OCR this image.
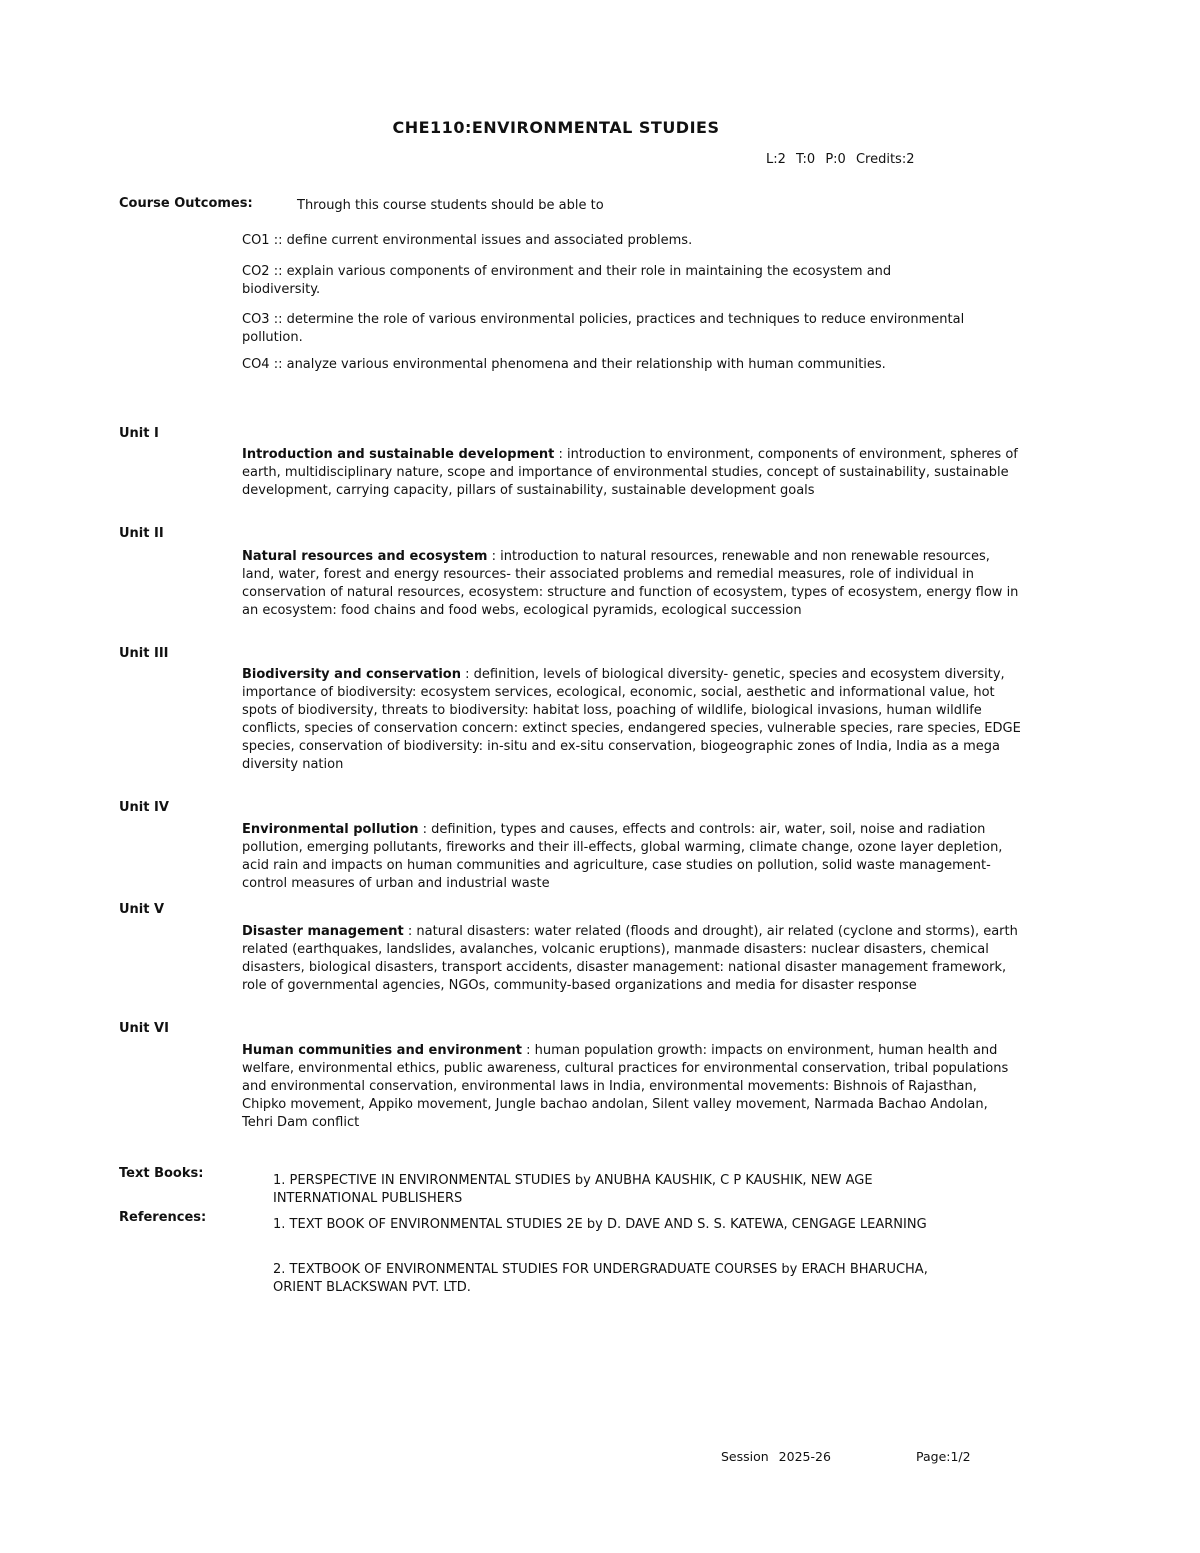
CHE110:ENVIRONMENTAL STUDIES
L:2 T:0 P:0 Credits:2
Course Outcomes:	Through this course students should be able to
CO1 :: define current environmental issues and associated problems.
CO2 :: explain various components of environment and their role in maintaining the ecosystem and biodiversity.
CO3 :: determine the role of various environmental policies, practices and techniques to reduce environmental pollution.
CO4 :: analyze various environmental phenomena and their relationship with human communities.
Unit I
Introduction and sustainable development : introduction to environment, components of environment, spheres of earth, multidisciplinary nature, scope and importance of environmental studies, concept of sustainability, sustainable development, carrying capacity, pillars of sustainability, sustainable development goals
Unit II
Natural resources and ecosystem : introduction to natural resources, renewable and non renewable resources, land, water, forest and energy resources- their associated problems and remedial measures, role of individual in conservation of natural resources, ecosystem: structure and function of ecosystem, types of ecosystem, energy flow in an ecosystem: food chains and food webs, ecological pyramids, ecological succession
Unit III
Biodiversity and conservation : definition, levels of biological diversity- genetic, species and ecosystem diversity, importance of biodiversity: ecosystem services, ecological, economic, social, aesthetic and informational value, hot spots of biodiversity, threats to biodiversity: habitat loss, poaching of wildlife, biological invasions, human wildlife conflicts, species of conservation concern: extinct species, endangered species, vulnerable species, rare species, EDGE species, conservation of biodiversity: in-situ and ex-situ conservation, biogeographic zones of India, India as a mega diversity nation
Unit IV
Environmental pollution : definition, types and causes, effects and controls: air, water, soil, noise and radiation pollution, emerging pollutants, fireworks and their ill-effects, global warming, climate change, ozone layer depletion, acid rain and impacts on human communities and agriculture, case studies on pollution, solid waste management- control measures of urban and industrial waste
Unit V
Disaster management : natural disasters: water related (floods and drought), air related (cyclone and storms), earth related (earthquakes, landslides, avalanches, volcanic eruptions), manmade disasters: nuclear disasters, chemical disasters, biological disasters, transport accidents, disaster management: national disaster management framework, role of governmental agencies, NGOs, community-based organizations and media for disaster response
Unit VI
Human communities and environment : human population growth: impacts on environment, human health and welfare, environmental ethics, public awareness, cultural practices for environmental conservation, tribal populations and environmental conservation, environmental laws in India, environmental movements: Bishnois of Rajasthan, Chipko movement, Appiko movement, Jungle bachao andolan, Silent valley movement, Narmada Bachao Andolan, Tehri Dam conflict
Text Books:	1. PERSPECTIVE IN ENVIRONMENTAL STUDIES by ANUBHA KAUSHIK, C P KAUSHIK, NEW AGE INTERNATIONAL PUBLISHERS
References:	1. TEXT BOOK OF ENVIRONMENTAL STUDIES 2E by D. DAVE AND S. S. KATEWA, CENGAGE LEARNING
2. TEXTBOOK OF ENVIRONMENTAL STUDIES FOR UNDERGRADUATE COURSES by ERACH BHARUCHA, ORIENT BLACKSWAN PVT. LTD.
Session 2025-26	Page:1/2
